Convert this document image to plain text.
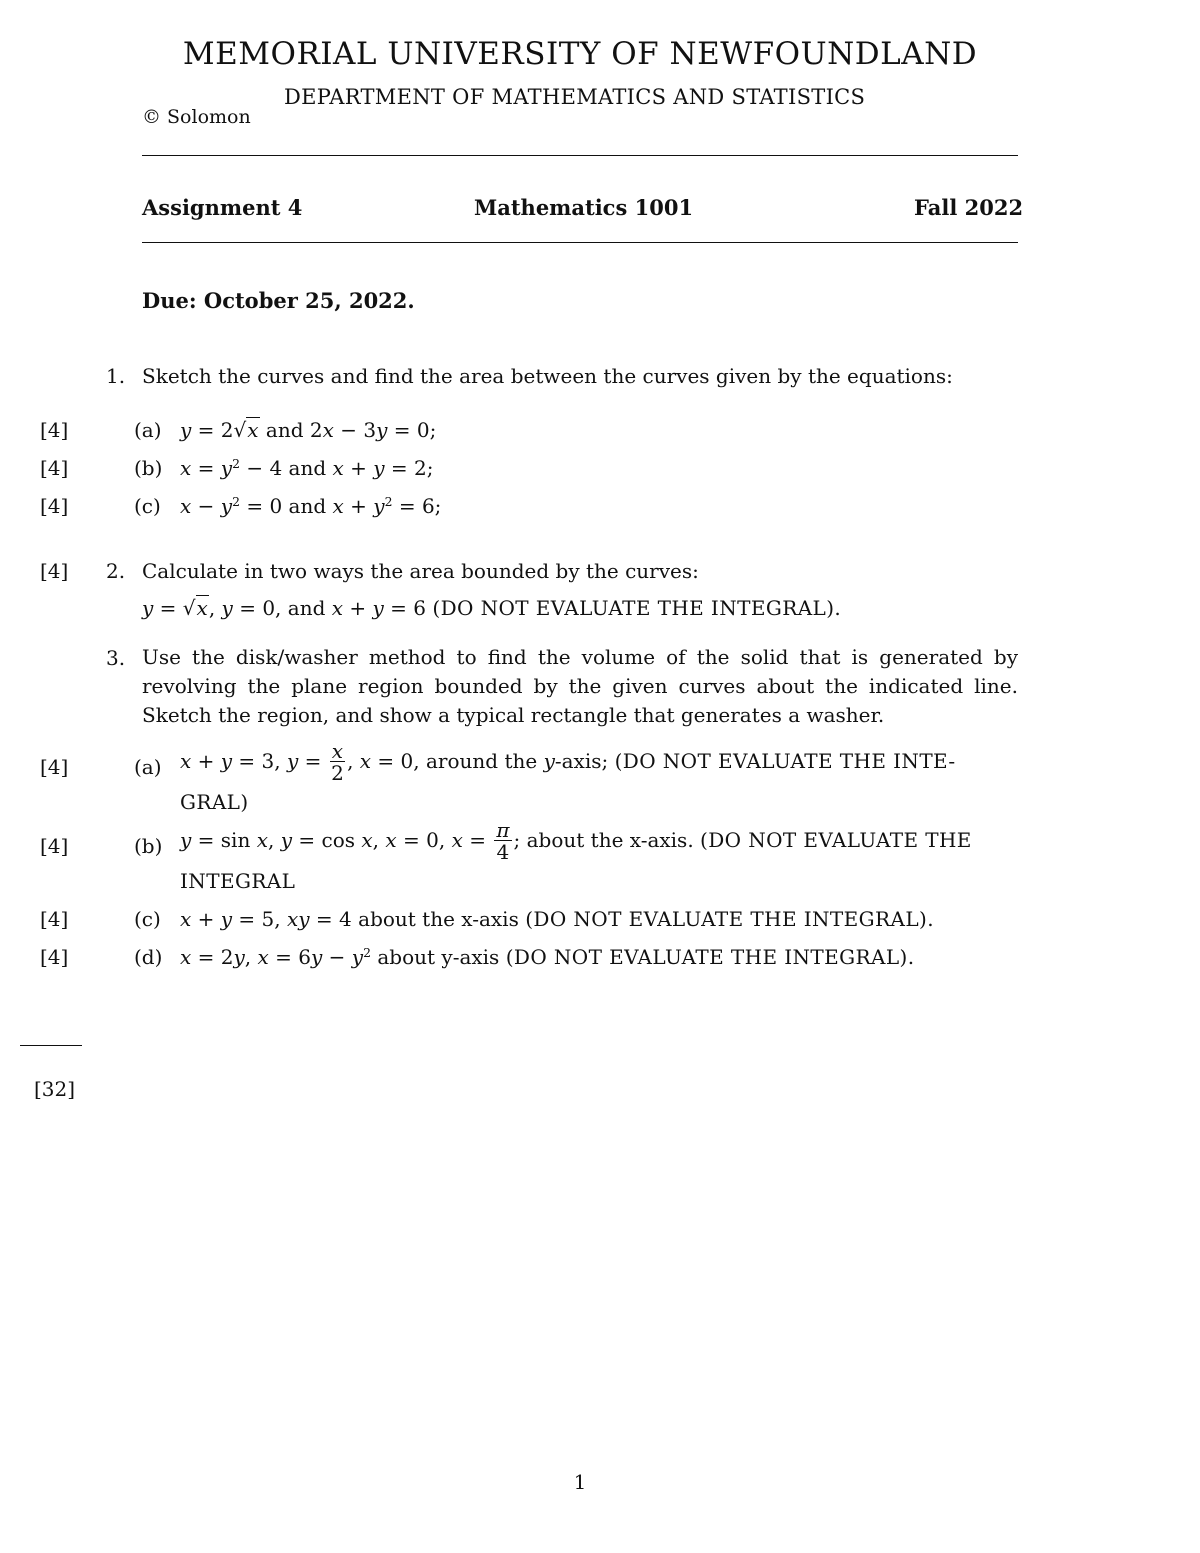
MEMORIAL UNIVERSITY OF NEWFOUNDLAND
DEPARTMENT OF MATHEMATICS AND STATISTICS
© Solomon
Assignment 4	Mathematics 1001	Fall 2022
Due: October 25, 2022.
1. Sketch the curves and find the area between the curves given by the equations:
[4]	(a) y = 2√x and 2x − 3y = 0;
[4]	(b) $x = y^2 - 4$ and x + y = 2;
[4]	(c) $x - y^2 = 0$ and $x + y^2 = 6$;
[4] 2. Calculate in two ways the area bounded by the curves:
y = √x, y = 0, and x + y = 6 (DO NOT EVALUATE THE INTEGRAL).
3. Use the disk/washer method to find the volume of the solid that is generated by revolving the plane region bounded by the given curves about the indicated line. Sketch the region, and show a typical rectangle that generates a washer.
[4]	(a) x + y = 3, $y = \frac{x}{2}$ , x = 0, around the y-axis; (DO NOT EVALUATE THE INTE-
GRAL)
[4]	(b) y = sin x, y = cos x, x = 0, $x = \frac{\pi}{4}$ ; about the x-axis. (DO NOT EVALUATE THE
INTEGRAL
[4]	(c) x + y = 5, xy = 4 about the x-axis (DO NOT EVALUATE THE INTEGRAL).
[4]	(d) x = 2y, $x = 6y - y^2$ about y-axis (DO NOT EVALUATE THE INTEGRAL).
[32]
1
